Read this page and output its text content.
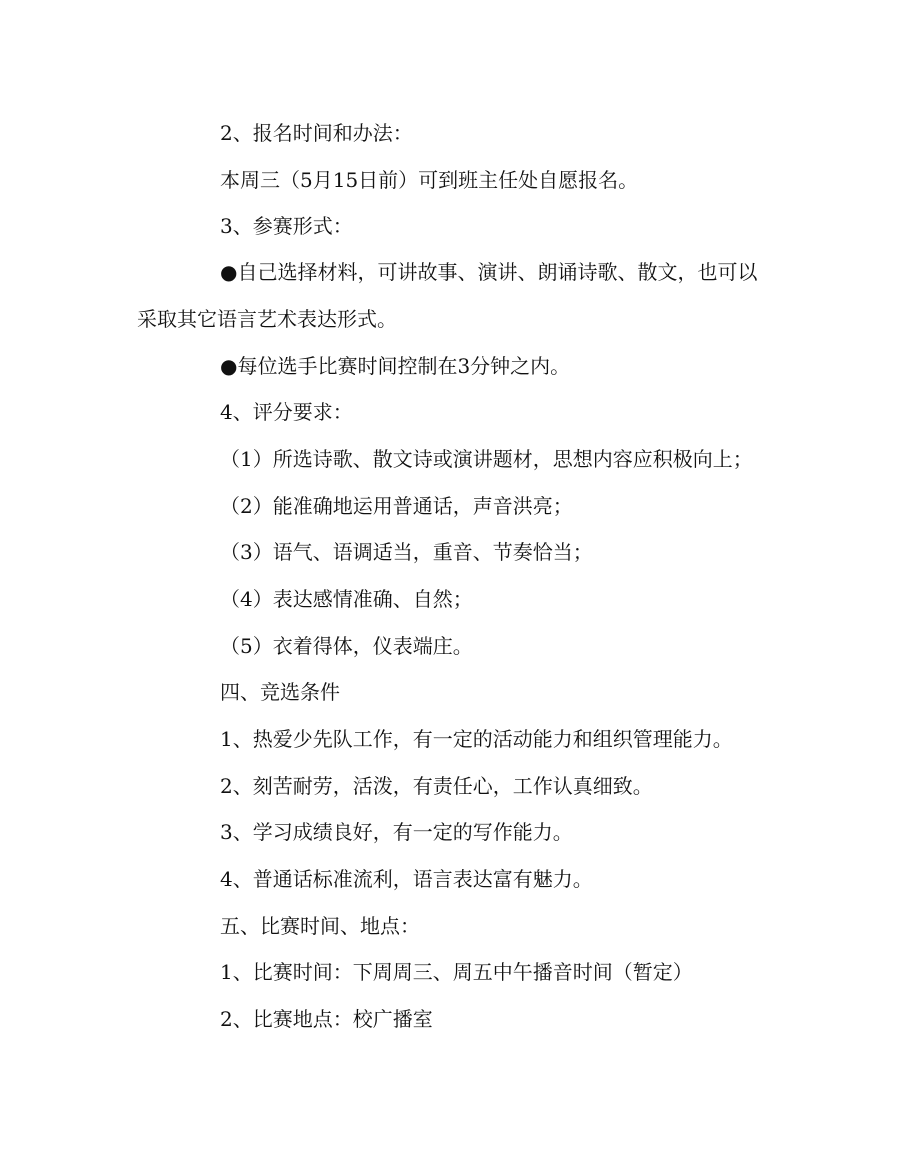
2、报名时间和办法：
本周三（5月15日前）可到班主任处自愿报名。
3、参赛形式：
●自己选择材料，可讲故事、演讲、朗诵诗歌、散文，也可以
采取其它语言艺术表达形式。
●每位选手比赛时间控制在3分钟之内。
4、评分要求：
（1）所选诗歌、散文诗或演讲题材，思想内容应积极向上；
（2）能准确地运用普通话，声音洪亮；
（3）语气、语调适当，重音、节奏恰当；
（4）表达感情准确、自然；
（5）衣着得体，仪表端庄。
四、竞选条件
1、热爱少先队工作，有一定的活动能力和组织管理能力。
2、刻苦耐劳，活泼，有责任心，工作认真细致。
3、学习成绩良好，有一定的写作能力。
4、普通话标准流利，语言表达富有魅力。
五、比赛时间、地点：
1、比赛时间：下周周三、周五中午播音时间（暂定）
2、比赛地点：校广播室
